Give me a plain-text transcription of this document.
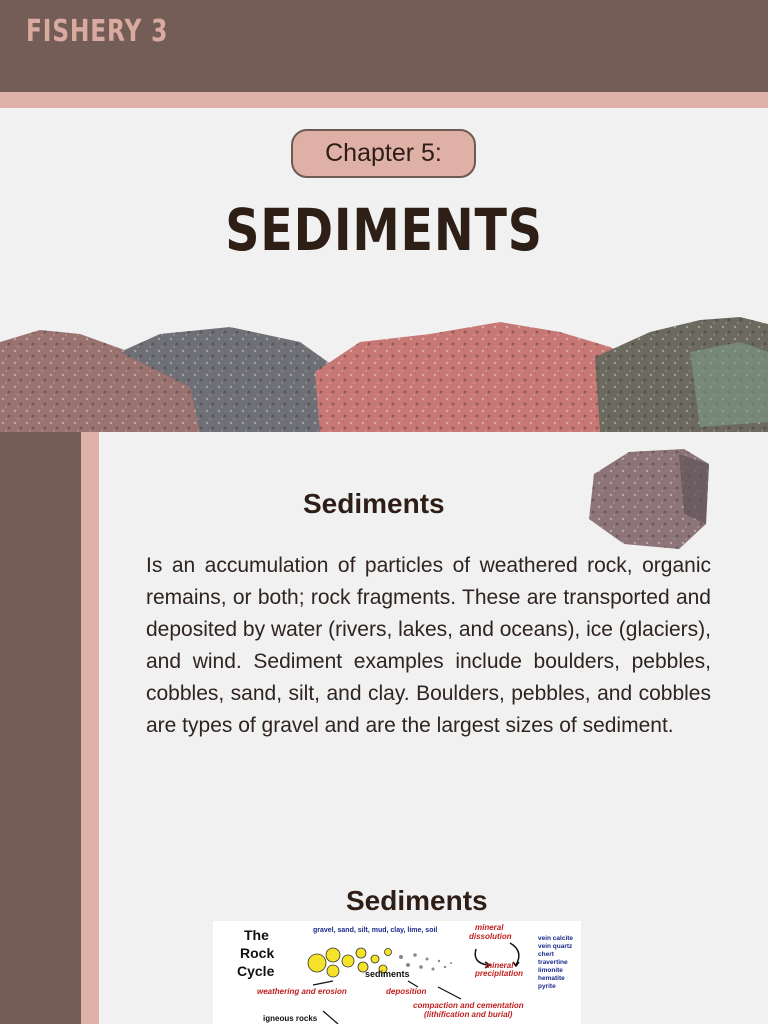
FISHERY 3
Chapter 5:
SEDIMENTS
Sediments

Is an accumulation of particles of weathered rock, organic remains, or both; rock fragments. These are transported and deposited by water (rivers, lakes, and oceans), ice (glaciers), and wind. Sediment examples include boulders, pebbles, cobbles, sand, silt, and clay. Boulders, pebbles, and cobbles are types of gravel and are the largest sizes of sediment.

Sediments
The
Rock
Cycle
gravel, sand, silt, mud, clay, lime, soil
sediments
mineral
dissolution
mineral
precipitation
vein calcite
vein quartz
chert
travertine
limonite
hematite
pyrite
weathering and erosion	deposition
compaction and cementation
(lithification and burial)
igneous rocks
